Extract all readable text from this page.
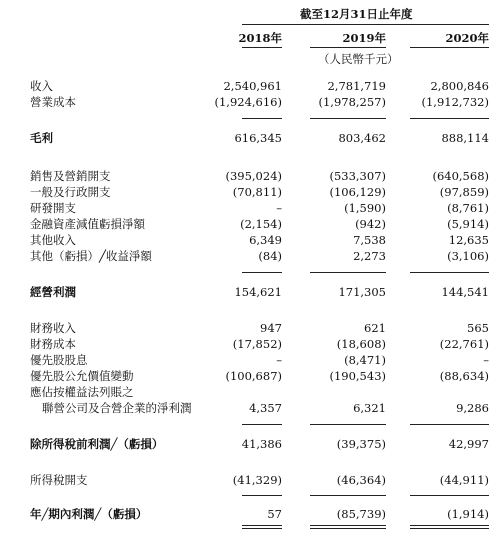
截至12月31日止年度
2018年	2019年	2020年
（人民幣千元）
收入	2,540,961	2,781,719	2,800,846
營業成本	(1,924,616)	(1,978,257)	(1,912,732)
毛利	616,345	803,462	888,114
銷售及營銷開支	(395,024)	(533,307)	(640,568)
一般及行政開支	(70,811)	(106,129)	(97,859)
研發開支	–	(1,590)	(8,761)
金融資產減值虧損淨額	(2,154)	(942)	(5,914)
其他收入	6,349	7,538	12,635
其他（虧損）╱收益淨額	(84)	2,273	(3,106)
經營利潤	154,621	171,305	144,541
財務收入	947	621	565
財務成本	(17,852)	(18,608)	(22,761)
優先股股息	–	(8,471)	–
優先股公允價值變動	(100,687)	(190,543)	(88,634)
應佔按權益法列賬之
聯營公司及合營企業的淨利潤	4,357	6,321	9,286
除所得稅前利潤╱（虧損）	41,386	(39,375)	42,997
所得稅開支	(41,329)	(46,364)	(44,911)
年╱期內利潤╱（虧損）	57	(85,739)	(1,914)
